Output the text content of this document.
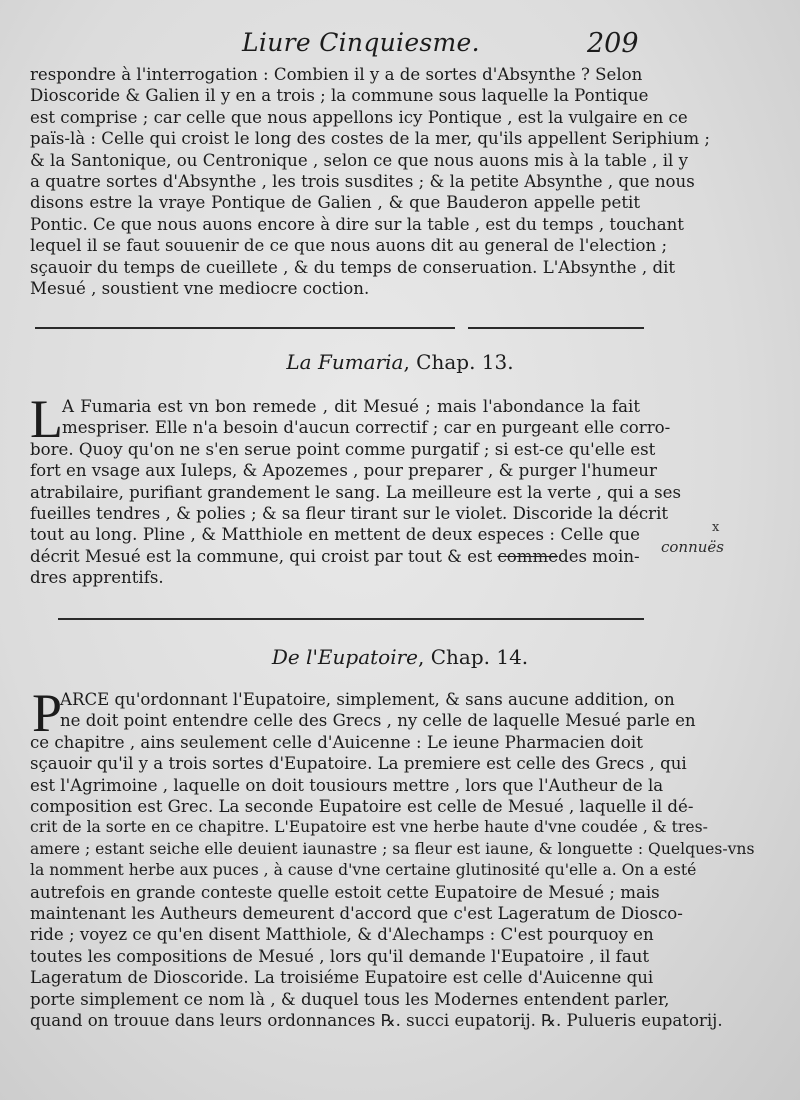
Liure Cinquiesme.	209

respondre à l'interrogation : Combien il y a de sortes d'Absynthe ? Selon
Dioscoride & Galien il y en a trois ; la commune sous laquelle la Pontique
est comprise ; car celle que nous appellons icy Pontique , est la vulgaire en ce
païs-là : Celle qui croist le long des costes de la mer, qu'ils appellent Seriphium ;
& la Santonique, ou Centronique , selon ce que nous auons mis à la table , il y
a quatre sortes d'Absynthe , les trois susdites ; & la petite Absynthe , que nous
disons estre la vraye Pontique de Galien , & que Bauderon appelle petit
Pontic. Ce que nous auons encore à dire sur la table , est du temps , touchant
lequel il se faut souuenir de ce que nous auons dit au general de l'election ;
sçauoir du temps de cueillete , & du temps de conseruation. L'Absynthe , dit
Mesué , soustient vne mediocre coction.
La Fumaria, Chap. 13.
L A Fumaria est vn bon remede , dit Mesué ; mais l'abondance la fait
mespriser. Elle n'a besoin d'aucun correctif ; car en purgeant elle corro-
bore. Quoy qu'on ne s'en serue point comme purgatif ; si est-ce qu'elle est
fort en vsage aux Iuleps, & Apozemes , pour preparer , & purger l'humeur
atrabilaire, purifiant grandement le sang. La meilleure est la verte , qui a ses
fueilles tendres , & polies ; & sa fleur tirant sur le violet. Discoride la décrit
tout au long. Pline , & Matthiole en mettent de deux especes : Celle que
décrit Mesué est la commune, qui croist par tout & est commedes moin-
dres apprentifs.
x
connuës
De l'Eupatoire, Chap. 14.
P
ARCE qu'ordonnant l'Eupatoire, simplement, & sans aucune addition, on
ne doit point entendre celle des Grecs , ny celle de laquelle Mesué parle en
ce chapitre , ains seulement celle d'Auicenne : Le ieune Pharmacien doit
sçauoir qu'il y a trois sortes d'Eupatoire. La premiere est celle des Grecs , qui
est l'Agrimoine , laquelle on doit tousiours mettre , lors que l'Autheur de la
composition est Grec. La seconde Eupatoire est celle de Mesué , laquelle il dé-
crit de la sorte en ce chapitre. L'Eupatoire est vne herbe haute d'vne coudée , & tres-
amere ; estant seiche elle deuient iaunastre ; sa fleur est iaune, & longuette : Quelques-vns
la nomment herbe aux puces , à cause d'vne certaine glutinosité qu'elle a. On a esté
autrefois en grande conteste quelle estoit cette Eupatoire de Mesué ; mais
maintenant les Autheurs demeurent d'accord que c'est Lageratum de Diosco-
ride ; voyez ce qu'en disent Matthiole, & d'Alechamps : C'est pourquoy en
toutes les compositions de Mesué , lors qu'il demande l'Eupatoire , il faut
Lageratum de Dioscoride. La troisiéme Eupatoire est celle d'Auicenne qui
porte simplement ce nom là , & duquel tous les Modernes entendent parler,
quand on trouue dans leurs ordonnances ℞. succi eupatorij. ℞. Pulueris eupatorij.
